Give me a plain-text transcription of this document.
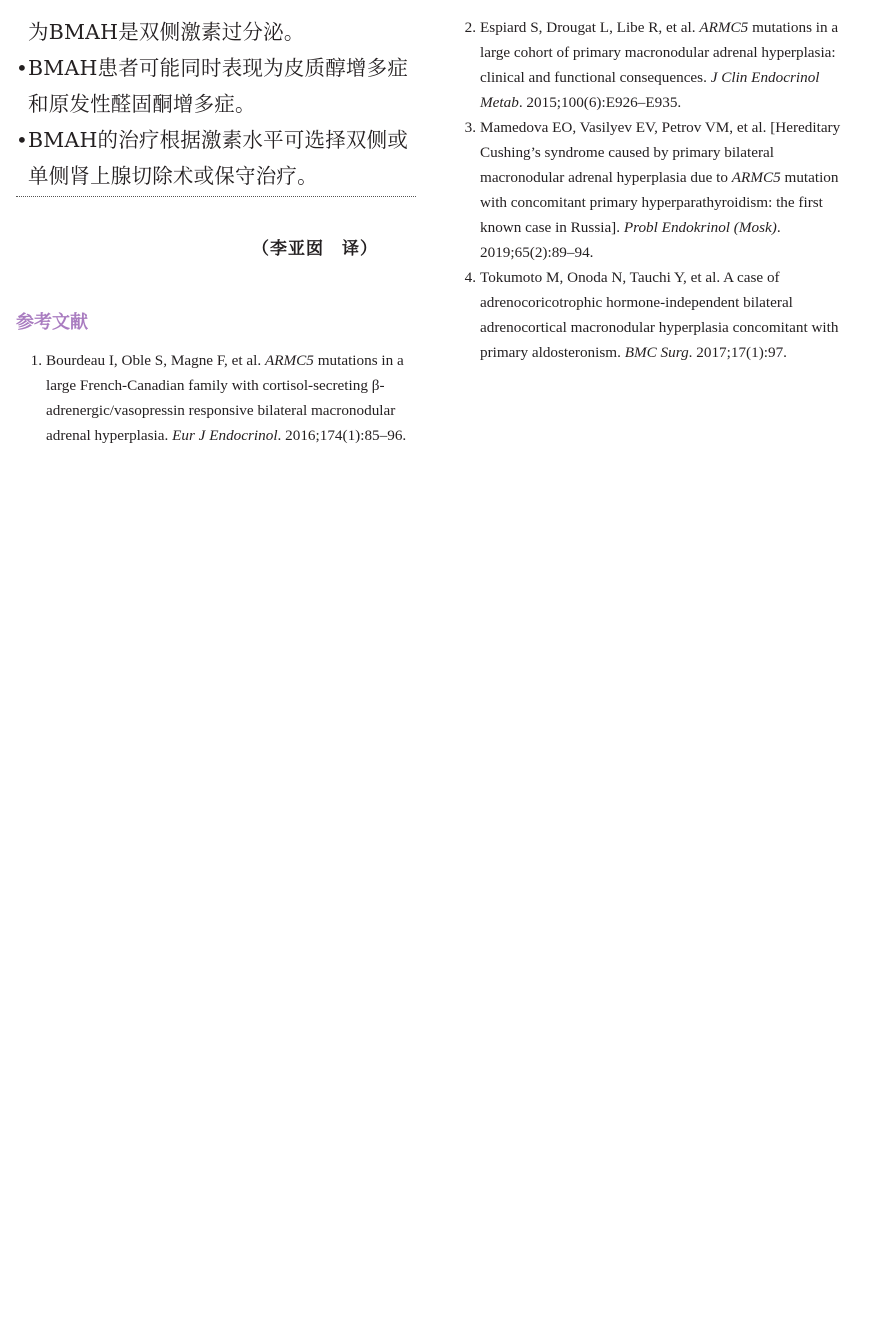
为BMAH是双侧激素过分泌。
• BMAH患者可能同时表现为皮质醇增多症
和原发性醛固酮增多症。
• BMAH的治疗根据激素水平可选择双侧或
单侧肾上腺切除术或保守治疗。
（李亚囡　译）
参考文献
1. Bourdeau I, Oble S, Magne F, et al. ARMC5 mutations in a large French-Canadian family with cortisol-secreting β-adrenergic/vasopressin responsive bilateral macronodular adrenal hyperplasia. Eur J Endocrinol. 2016;174(1):85–96.
2. Espiard S, Drougat L, Libe R, et al. ARMC5 mutations in a large cohort of primary macronodular adrenal hyperplasia: clinical and functional consequences. J Clin Endocrinol Metab. 2015;100(6):E926–E935.
3. Mamedova EO, Vasilyev EV, Petrov VM, et al. [Hereditary Cushing’s syndrome caused by primary bilateral macronodular adrenal hyperplasia due to ARMC5 mutation with concomitant primary hyperparathyroidism: the first known case in Russia]. Probl Endokrinol (Mosk). 2019;65(2):89–94.
4. Tokumoto M, Onoda N, Tauchi Y, et al. A case of adrenocoricotrophic hormone-independent bilateral adrenocortical macronodular hyperplasia concomitant with primary aldosteronism. BMC Surg. 2017;17(1):97.
